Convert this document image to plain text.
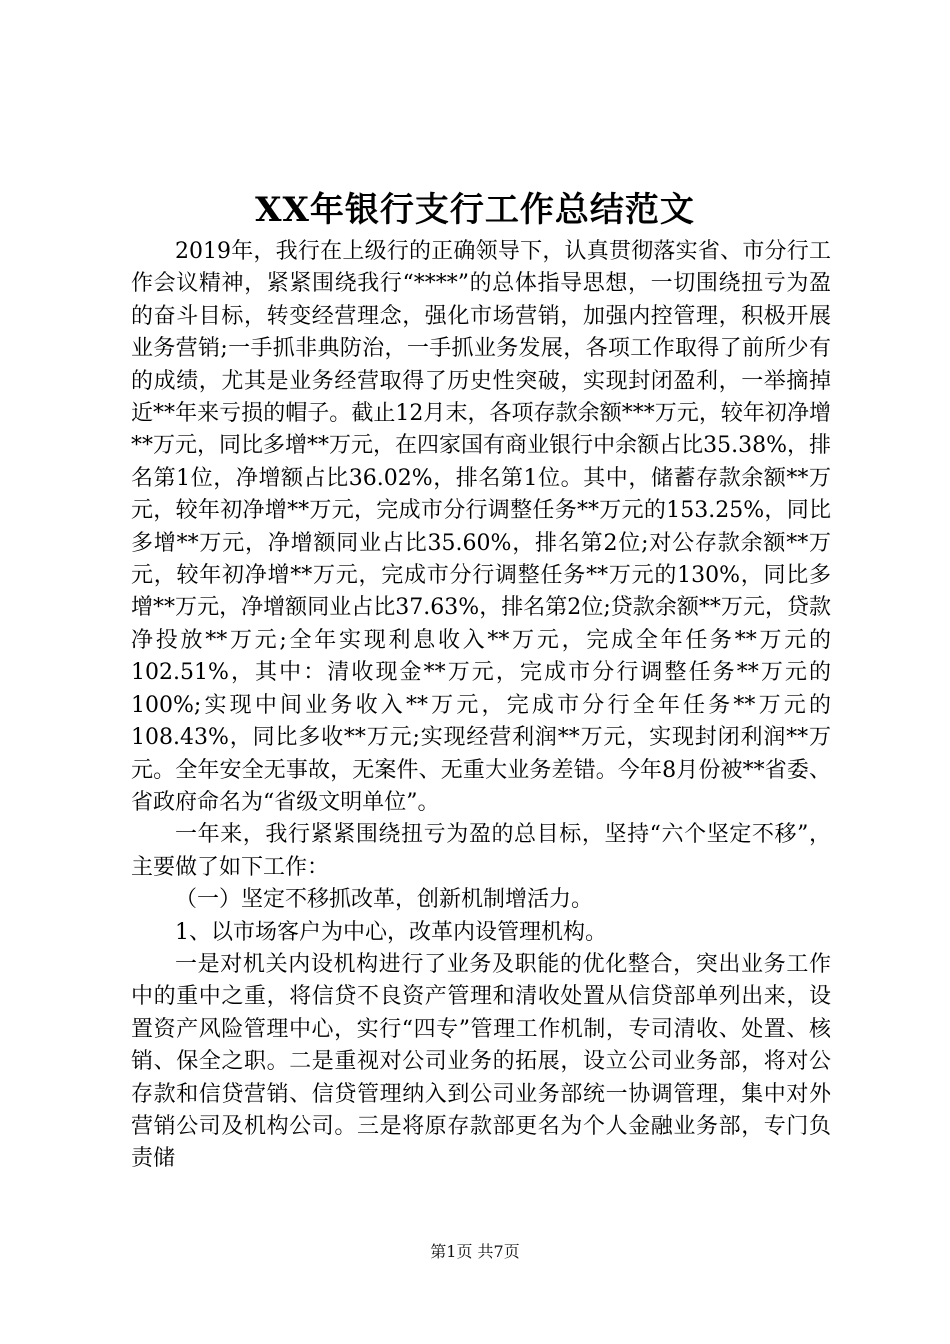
XX年银行支行工作总结范文

2019年，我行在上级行的正确领导下，认真贯彻落实省、市分行工作会议精神，紧紧围绕我行“****”的总体指导思想，一切围绕扭亏为盈的奋斗目标，转变经营理念，强化市场营销，加强内控管理，积极开展业务营销;一手抓非典防治，一手抓业务发展，各项工作取得了前所少有的成绩，尤其是业务经营取得了历史性突破，实现封闭盈利，一举摘掉近**年来亏损的帽子。截止12月末，各项存款余额***万元，较年初净增**万元，同比多增**万元，在四家国有商业银行中余额占比35.38%，排名第1位，净增额占比36.02%，排名第1位。其中，储蓄存款余额**万元，较年初净增**万元，完成市分行调整任务**万元的153.25%，同比多增**万元，净增额同业占比35.60%，排名第2位;对公存款余额**万元，较年初净增**万元，完成市分行调整任务**万元的130%，同比多增**万元，净增额同业占比37.63%，排名第2位;贷款余额**万元，贷款净投放**万元;全年实现利息收入**万元，完成全年任务**万元的102.51%，其中：清收现金**万元，完成市分行调整任务**万元的100%;实现中间业务收入**万元，完成市分行全年任务**万元的108.43%，同比多收**万元;实现经营利润**万元，实现封闭利润**万元。全年安全无事故，无案件、无重大业务差错。今年8月份被**省委、省政府命名为“省级文明单位”。

一年来，我行紧紧围绕扭亏为盈的总目标，坚持“六个坚定不移”，主要做了如下工作：

（一）坚定不移抓改革，创新机制增活力。

1、以市场客户为中心，改革内设管理机构。

一是对机关内设机构进行了业务及职能的优化整合，突出业务工作中的重中之重，将信贷不良资产管理和清收处置从信贷部单列出来，设置资产风险管理中心，实行“四专”管理工作机制，专司清收、处置、核销、保全之职。二是重视对公司业务的拓展，设立公司业务部，将对公存款和信贷营销、信贷管理纳入到公司业务部统一协调管理，集中对外营销公司及机构公司。三是将原存款部更名为个人金融业务部，专门负责储

第1页 共7页
